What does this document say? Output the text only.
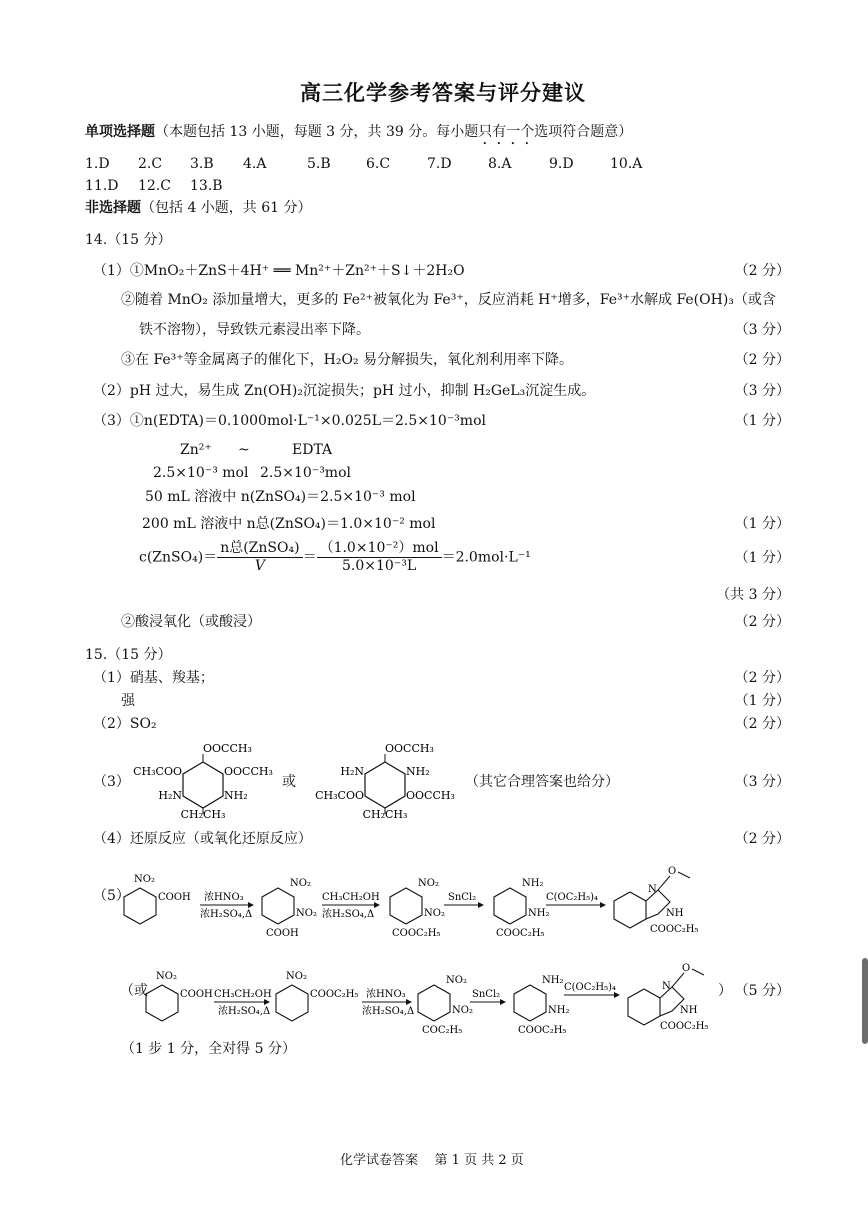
高三化学参考答案与评分建议
单项选择题（本题包括 13 小题，每题 3 分，共 39 分。每小题只有一个选项符合题意）
1.D 2.C 3.B 4.A	5.B	6.C	7.D	8.A	9.D	10.A
11.D 12.C 13.B
非选择题（包括 4 小题，共 61 分）
14.（15 分）
（1）①MnO₂＋ZnS＋4H⁺ ══ Mn²⁺＋Zn²⁺＋S↓＋2H₂O	（2 分）
②随着 MnO₂ 添加量增大，更多的 Fe²⁺被氧化为 Fe³⁺，反应消耗 H⁺增多，Fe³⁺水解成 Fe(OH)₃（或含
铁不溶物），导致铁元素浸出率下降。	（3 分）
③在 Fe³⁺等金属离子的催化下，H₂O₂ 易分解损失，氧化剂利用率下降。	（2 分）
（2）pH 过大，易生成 Zn(OH)₂沉淀损失；pH 过小，抑制 H₂GeL₃沉淀生成。	（3 分）
（3）①n(EDTA)＝0.1000mol·L⁻¹×0.025L＝2.5×10⁻³mol	（1 分）
Zn²⁺ ~	EDTA
2.5×10⁻³ mol 2.5×10⁻³mol
50 mL 溶液中 n(ZnSO₄)＝2.5×10⁻³ mol
200 mL 溶液中 n总(ZnSO₄)＝1.0×10⁻² mol	（1 分）
c(ZnSO₄)＝ $\frac{\text{n总(ZnSO₄)}}{V} = \frac{\text{（1.0×10⁻²）mol}}{\text{5.0×10⁻³L}} =2.0mol\cdot L^{-1}$	（1 分）
（共 3 分）
②酸浸氧化（或酸浸）	（2 分）
15.（15 分）
（1）硝基、羧基；	（2 分）
强	（1 分）
（2）SO₂	（2 分）
（3）
OOCCH₃
CH₃COO	OOCCH₃
H₂N	NH₂
CH₂CH₃
或
OOCCH₃
H₂N	NH₂
CH₃COO	OOCCH₃
CH₂CH₃
（其它合理答案也给分）	（3 分）
（4）还原反应（或氧化还原反应）	（2 分）
（5）
NO₂
COOH 浓HNO₃
浓H₂SO₄,Δ
NO₂
NO₂
COOH
CH₃CH₂OH
浓H₂SO₄,Δ
NO₂
NO₂
COOC₂H₅
SnCl₂
NH₂
NH₂
COOC₂H₅
C(OC₂H₅)₄
N
O
NH
COOC₂H₅
（或
NO₂
COOH CH₃CH₂OH
浓H₂SO₄,Δ
NO₂
COOC₂H₅ 浓HNO₃
浓H₂SO₄,Δ
NO₂
NO₂
COC₂H₅
SnCl₂
NH₂
NH₂
COOC₂H₅
C(OC₂H₅)₄	N
O
NH
COOC₂H₅
） （5 分）
（1 步 1 分，全对得 5 分）
化学试卷答案 第 1 页 共 2 页
